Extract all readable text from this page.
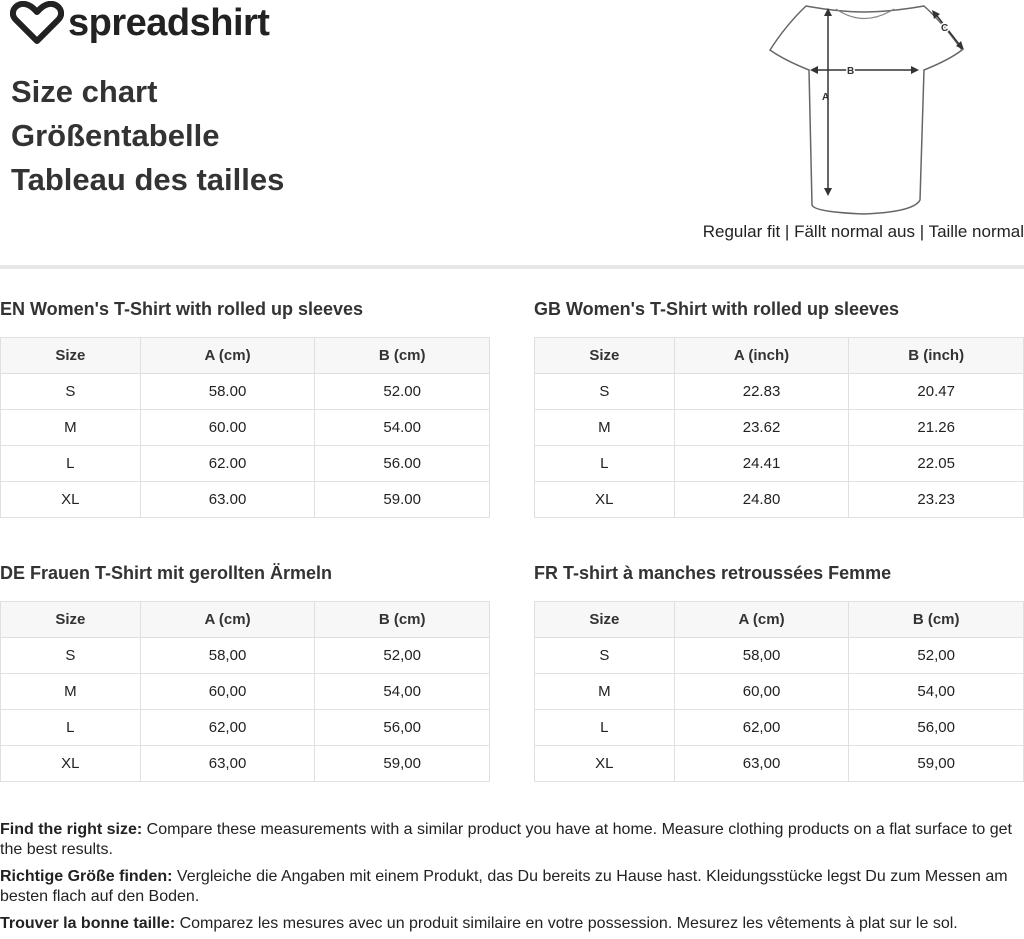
spreadshirt
Size chart
Größentabelle
Tableau des tailles
A
B
C
Regular fit | Fällt normal aus | Taille normal
EN Women's T-Shirt with rolled up sleeves
Size	A (cm)	B (cm)
S	58.00	52.00
M	60.00	54.00
L	62.00	56.00
XL	63.00	59.00
GB Women's T-Shirt with rolled up sleeves
Size	A (inch)	B (inch)
S	22.83	20.47
M	23.62	21.26
L	24.41	22.05
XL	24.80	23.23
DE Frauen T-Shirt mit gerollten Ärmeln
Size	A (cm)	B (cm)
S	58,00	52,00
M	60,00	54,00
L	62,00	56,00
XL	63,00	59,00
FR T-shirt à manches retroussées Femme
Size	A (cm)	B (cm)
S	58,00	52,00
M	60,00	54,00
L	62,00	56,00
XL	63,00	59,00

Find the right size: Compare these measurements with a similar product you have at home. Measure clothing products on a flat surface to get the best results.

Richtige Größe finden: Vergleiche die Angaben mit einem Produkt, das Du bereits zu Hause hast. Kleidungsstücke legst Du zum Messen am besten flach auf den Boden.

Trouver la bonne taille: Comparez les mesures avec un produit similaire en votre possession. Mesurez les vêtements à plat sur le sol.
